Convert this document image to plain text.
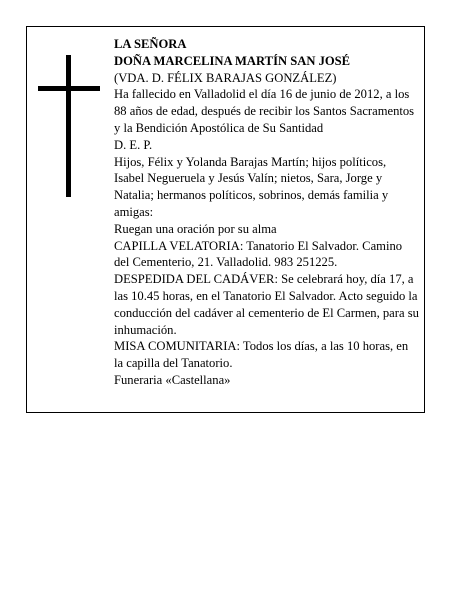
LA SEÑORA

DOÑA MARCELINA MARTÍN SAN JOSÉ

(VDA. D. FÉLIX BARAJAS GONZÁLEZ)

Ha fallecido en Valladolid el día 16 de junio de 2012, a los 88 años de edad, después de recibir los Santos Sacramentos y la Bendición Apostólica de Su Santidad

D. E. P.

Hijos, Félix y Yolanda Barajas Martín; hijos políticos, Isabel Negueruela y Jesús Valín; nietos, Sara, Jorge y Natalia; hermanos políticos, sobrinos, demás familia y amigas:

Ruegan una oración por su alma

CAPILLA VELATORIA: Tanatorio El Salvador. Camino del Cementerio, 21. Valladolid. 983 251225.

DESPEDIDA DEL CADÁVER: Se celebrará hoy, día 17, a las 10.45 horas, en el Tanatorio El Salvador. Acto seguido la conducción del cadáver al cementerio de El Carmen, para su inhumación.

MISA COMUNITARIA: Todos los días, a las 10 horas, en la capilla del Tanatorio.

Funeraria «Castellana»
